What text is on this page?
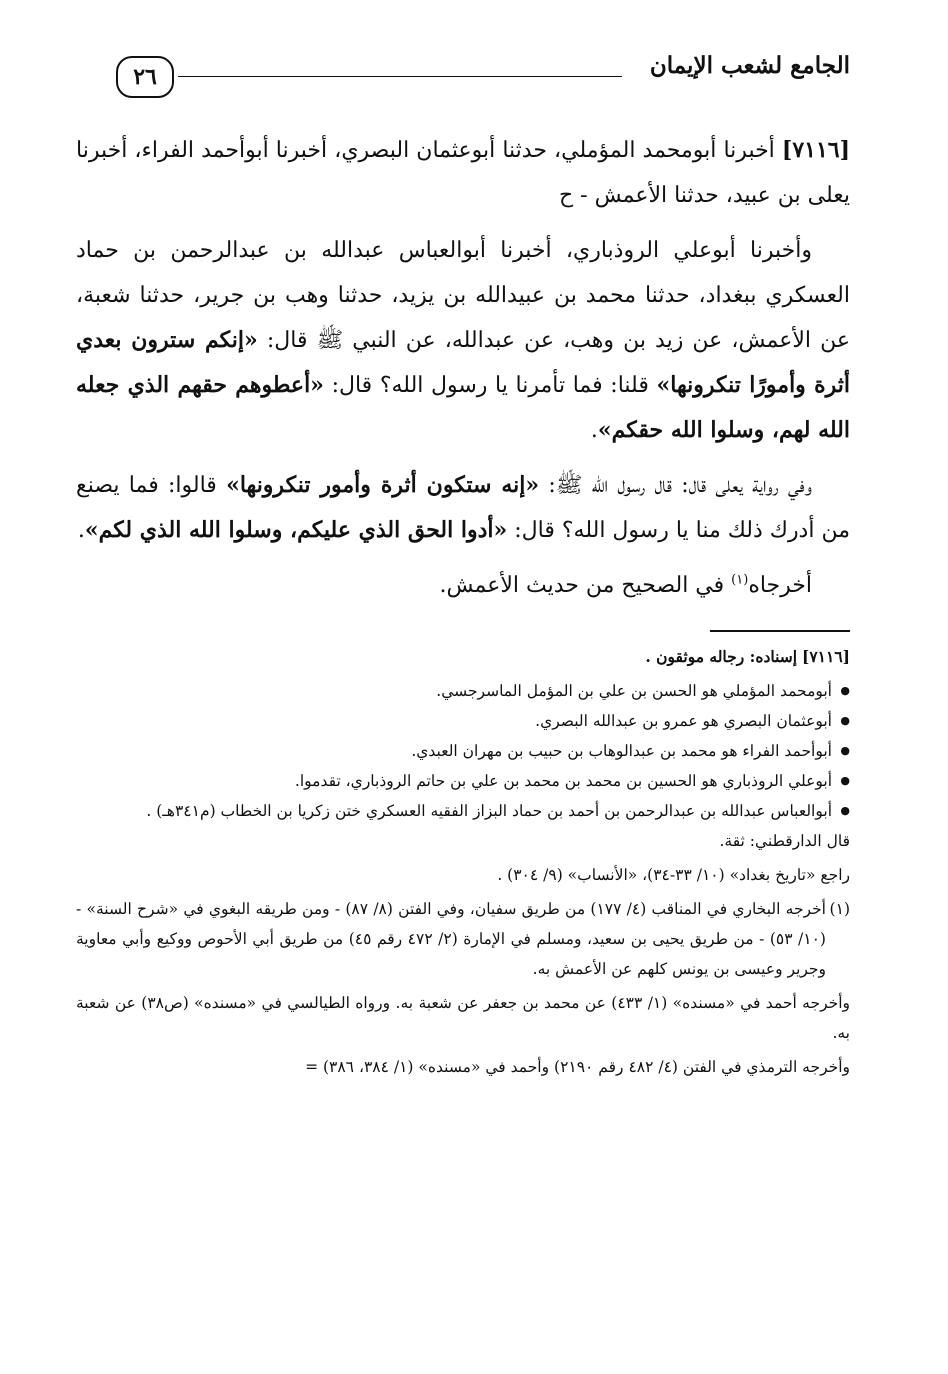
الجامع لشعب الإيمان
٢٦

[٧١١٦] أخبرنا أبومحمد المؤملي، حدثنا أبوعثمان البصري، أخبرنا أبوأحمد الفراء، أخبرنا يعلى بن عبيد، حدثنا الأعمش - ح

وأخبرنا أبوعلي الروذباري، أخبرنا أبوالعباس عبدالله بن عبدالرحمن بن حماد العسكري ببغداد، حدثنا محمد بن عبيدالله بن يزيد، حدثنا وهب بن جرير، حدثنا شعبة، عن الأعمش، عن زيد بن وهب، عن عبدالله، عن النبي ﷺ قال: «إنكم سترون بعدي أثرة وأمورًا تنكرونها» قلنا: فما تأمرنا يا رسول الله؟ قال: «أعطوهم حقهم الذي جعله الله لهم، وسلوا الله حقكم».

وفي رواية يعلى قال: قال رسول الله ﷺ: «إنه ستكون أثرة وأمور تنكرونها» قالوا: فما يصنع من أدرك ذلك منا يا رسول الله؟ قال: «أدوا الحق الذي عليكم، وسلوا الله الذي لكم».

أخرجاه$^{(١)}$ في الصحيح من حديث الأعمش.

[٧١١٦] إسناده: رجاله موثقون .

● أبومحمد المؤملي هو الحسن بن علي بن المؤمل الماسرجسي.
● أبوعثمان البصري هو عمرو بن عبدالله البصري.
● أبوأحمد الفراء هو محمد بن عبدالوهاب بن حبيب بن مهران العبدي.
● أبوعلي الروذباري هو الحسين بن محمد بن محمد بن علي بن حاتم الروذباري، تقدموا.
● أبوالعباس عبدالله بن عبدالرحمن بن أحمد بن حماد البزاز الفقيه العسكري ختن زكريا بن الخطاب (م٣٤١هـ) .

قال الدارقطني: ثقة.

راجع «تاريخ بغداد» (١٠/ ٣٣-٣٤)، «الأنساب» (٩/ ٣٠٤) .

(١)
أخرجه البخاري في المناقب (٤/ ١٧٧) من طريق سفيان، وفي الفتن (٨/ ٨٧) - ومن طريقه البغوي في «شرح السنة» - (١٠/ ٥٣) - من طريق يحيى بن سعيد، ومسلم في الإمارة (٢/ ٤٧٢ رقم ٤٥) من طريق أبي الأحوص ووكيع وأبي معاوية وجرير وعيسى بن يونس كلهم عن الأعمش به.

وأخرجه أحمد في «مسنده» (١/ ٤٣٣) عن محمد بن جعفر عن شعبة به. ورواه الطيالسي في «مسنده» (ص٣٨) عن شعبة به.

وأخرجه الترمذي في الفتن (٤/ ٤٨٢ رقم ٢١٩٠) وأحمد في «مسنده» (١/ ٣٨٤، ٣٨٦) =
